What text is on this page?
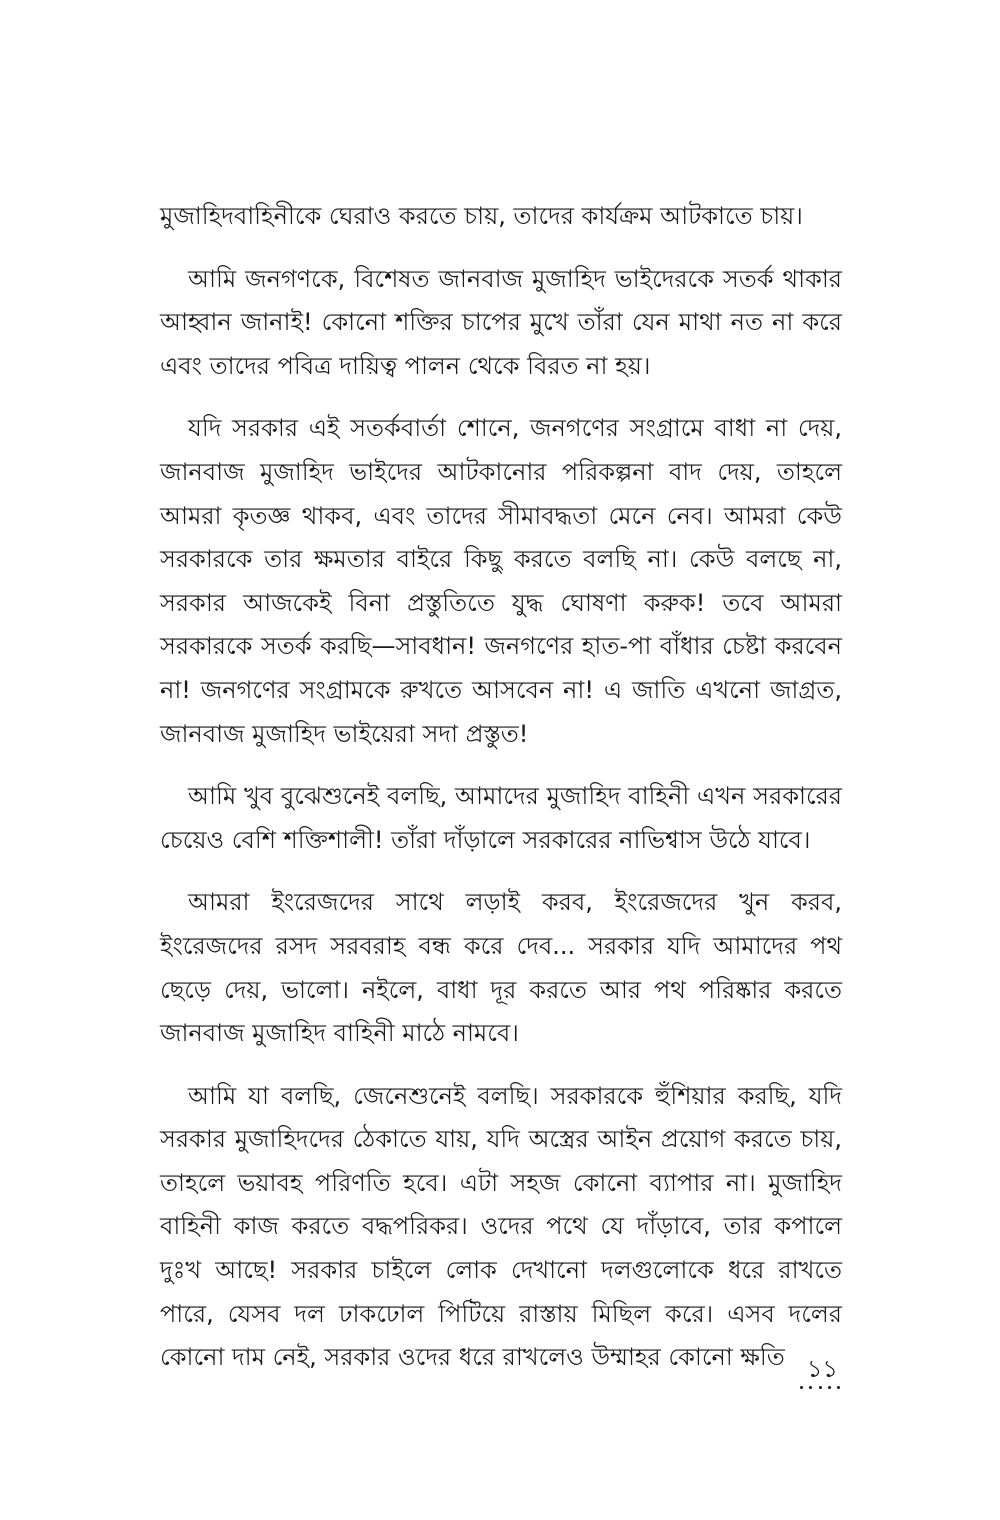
মুজাহিদবাহিনীকে ঘেরাও করতে চায়, তাদের কার্যক্রম আটকাতে চায়।

আমি জনগণকে, বিশেষত জানবাজ মুজাহিদ ভাইদেরকে সতর্ক থাকার আহ্বান জানাই! কোনো শক্তির চাপের মুখে তাঁরা যেন মাথা নত না করে এবং তাদের পবিত্র দায়িত্ব পালন থেকে বিরত না হয়।

যদি সরকার এই সতর্কবার্তা শোনে, জনগণের সংগ্রামে বাধা না দেয়, জানবাজ মুজাহিদ ভাইদের আটকানোর পরিকল্পনা বাদ দেয়, তাহলে আমরা কৃতজ্ঞ থাকব, এবং তাদের সীমাবদ্ধতা মেনে নেব। আমরা কেউ সরকারকে তার ক্ষমতার বাইরে কিছু করতে বলছি না। কেউ বলছে না, সরকার আজকেই বিনা প্রস্তুতিতে যুদ্ধ ঘোষণা করুক! তবে আমরা সরকারকে সতর্ক করছি—সাবধান! জনগণের হাত-পা বাঁধার চেষ্টা করবেন না! জনগণের সংগ্রামকে রুখতে আসবেন না! এ জাতি এখনো জাগ্রত, জানবাজ মুজাহিদ ভাইয়েরা সদা প্রস্তুত!

আমি খুব বুঝেশুনেই বলছি, আমাদের মুজাহিদ বাহিনী এখন সরকারের চেয়েও বেশি শক্তিশালী! তাঁরা দাঁড়ালে সরকারের নাভিশ্বাস উঠে যাবে।

আমরা ইংরেজদের সাথে লড়াই করব, ইংরেজদের খুন করব, ইংরেজদের রসদ সরবরাহ বন্ধ করে দেব... সরকার যদি আমাদের পথ ছেড়ে দেয়, ভালো। নইলে, বাধা দূর করতে আর পথ পরিষ্কার করতে জানবাজ মুজাহিদ বাহিনী মাঠে নামবে।

আমি যা বলছি, জেনেশুনেই বলছি। সরকারকে হুঁশিয়ার করছি, যদি সরকার মুজাহিদদের ঠেকাতে যায়, যদি অস্ত্রের আইন প্রয়োগ করতে চায়, তাহলে ভয়াবহ পরিণতি হবে। এটা সহজ কোনো ব্যাপার না। মুজাহিদ বাহিনী কাজ করতে বদ্ধপরিকর। ওদের পথে যে দাঁড়াবে, তার কপালে দুঃখ আছে! সরকার চাইলে লোক দেখানো দলগুলোকে ধরে রাখতে পারে, যেসব দল ঢাকঢোল পিটিয়ে রাস্তায় মিছিল করে। এসব দলের কোনো দাম নেই, সরকার ওদের ধরে রাখলেও উম্মাহর কোনো ক্ষতি ১১
